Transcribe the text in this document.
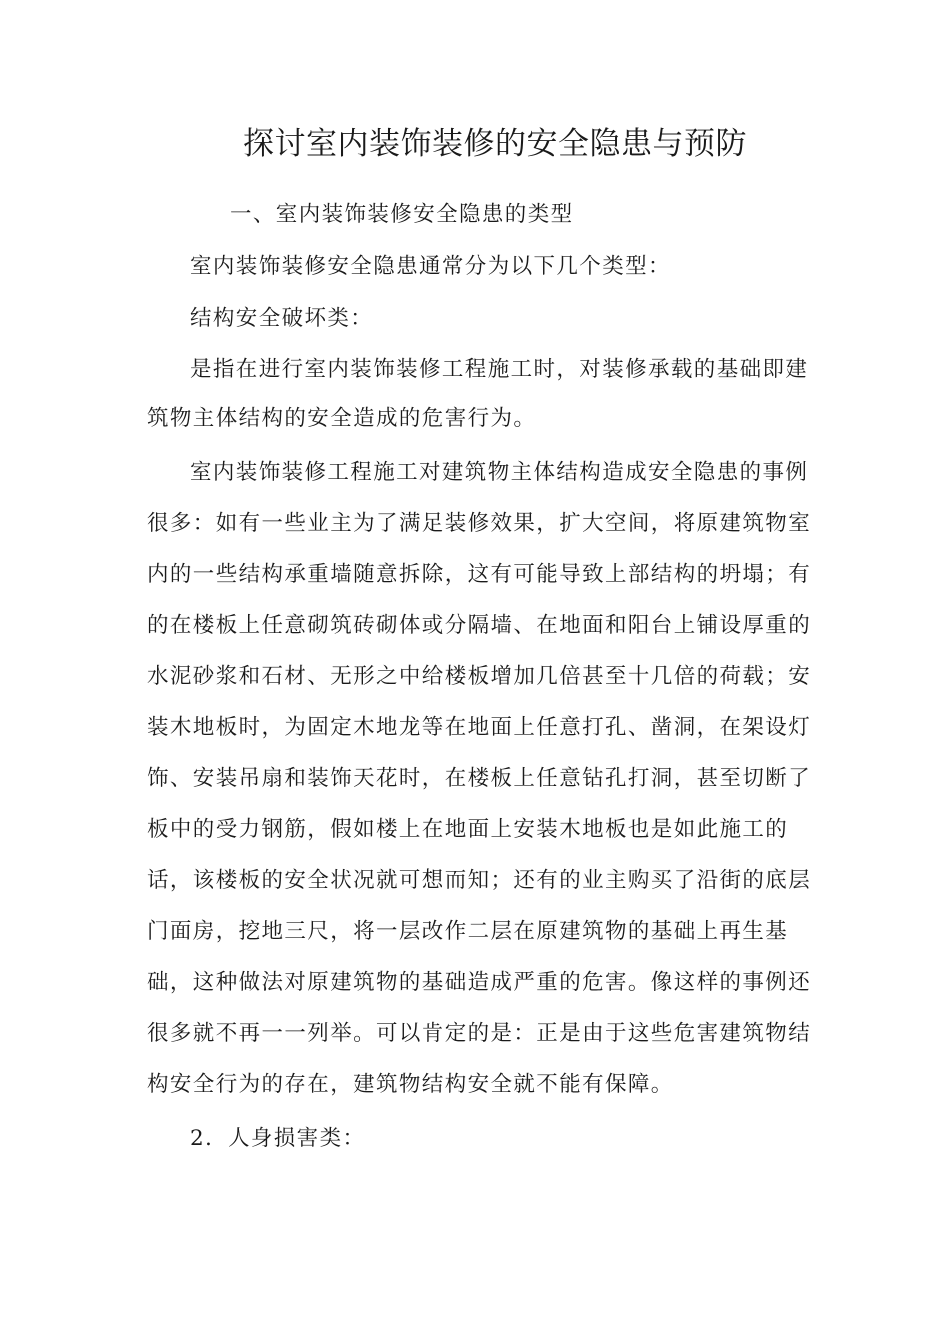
探讨室内装饰装修的安全隐患与预防
一、室内装饰装修安全隐患的类型
室内装饰装修安全隐患通常分为以下几个类型：
结构安全破坏类：
是指在进行室内装饰装修工程施工时，对装修承载的基础即建
筑物主体结构的安全造成的危害行为。
室内装饰装修工程施工对建筑物主体结构造成安全隐患的事例
很多：如有一些业主为了满足装修效果，扩大空间，将原建筑物室
内的一些结构承重墙随意拆除，这有可能导致上部结构的坍塌；有
的在楼板上任意砌筑砖砌体或分隔墙、在地面和阳台上铺设厚重的
水泥砂浆和石材、无形之中给楼板增加几倍甚至十几倍的荷载；安
装木地板时，为固定木地龙等在地面上任意打孔、凿洞，在架设灯
饰、安装吊扇和装饰天花时，在楼板上任意钻孔打洞，甚至切断了
板中的受力钢筋，假如楼上在地面上安装木地板也是如此施工的
话，该楼板的安全状况就可想而知；还有的业主购买了沿街的底层
门面房，挖地三尺，将一层改作二层在原建筑物的基础上再生基
础，这种做法对原建筑物的基础造成严重的危害。像这样的事例还
很多就不再一一列举。可以肯定的是：正是由于这些危害建筑物结
构安全行为的存在，建筑物结构安全就不能有保障。
2．人身损害类：
